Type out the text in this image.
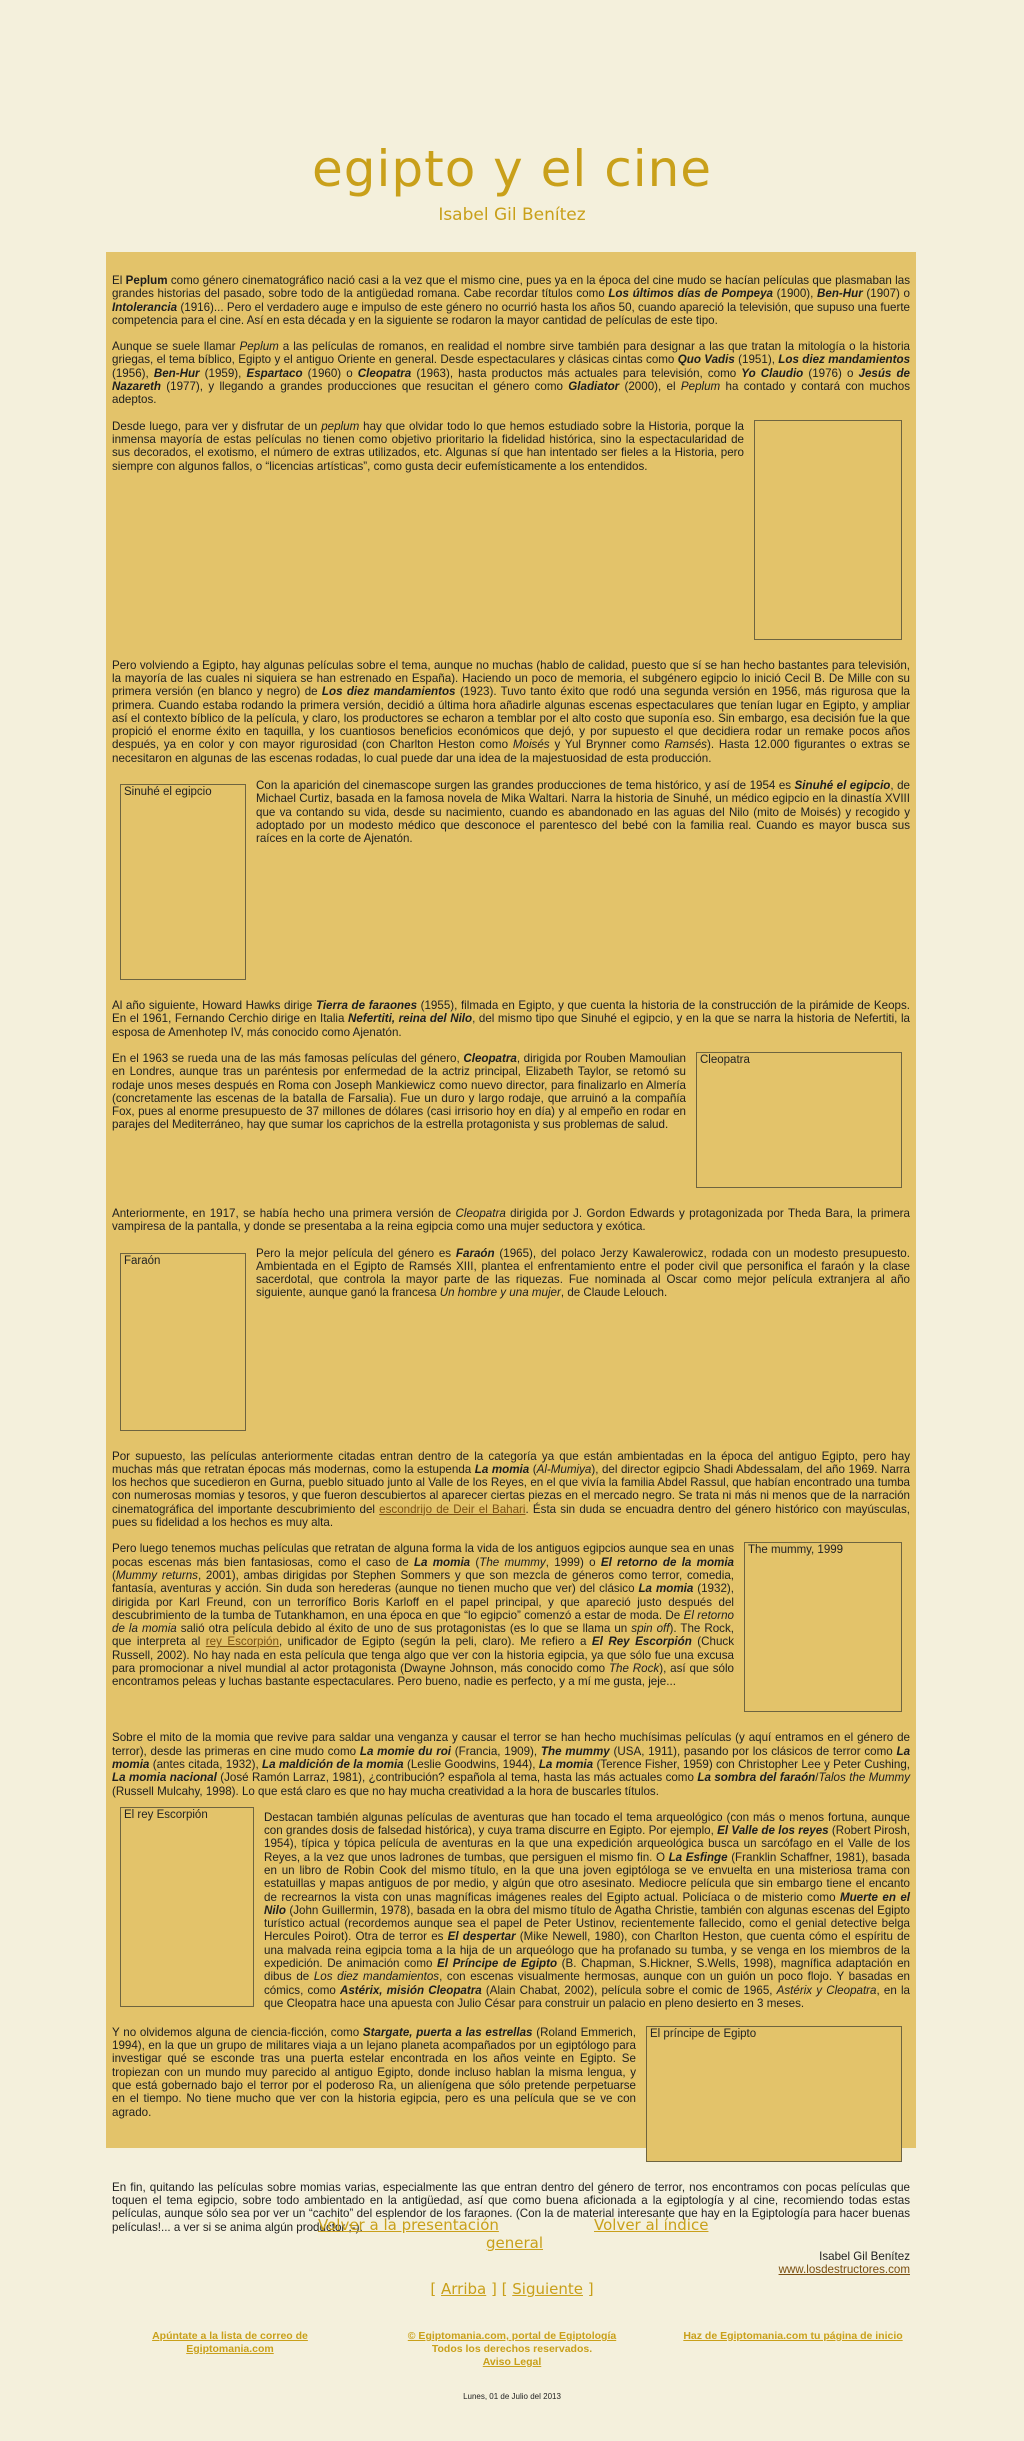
egipto y el cine
Isabel Gil Benítez

El Peplum como género cinematográfico nació casi a la vez que el mismo cine, pues ya en la época del cine mudo se hacían películas que plasmaban las grandes historias del pasado, sobre todo de la antigüedad romana. Cabe recordar títulos como Los últimos días de Pompeya (1900), Ben-Hur (1907) o Intolerancia (1916)... Pero el verdadero auge e impulso de este género no ocurrió hasta los años 50, cuando apareció la televisión, que supuso una fuerte competencia para el cine. Así en esta década y en la siguiente se rodaron la mayor cantidad de películas de este tipo.

Aunque se suele llamar Peplum a las películas de romanos, en realidad el nombre sirve también para designar a las que tratan la mitología o la historia griegas, el tema bíblico, Egipto y el antiguo Oriente en general. Desde espectaculares y clásicas cintas como Quo Vadis (1951), Los diez mandamientos (1956), Ben-Hur (1959), Espartaco (1960) o Cleopatra (1963), hasta productos más actuales para televisión, como Yo Claudio (1976) o Jesús de Nazareth (1977), y llegando a grandes producciones que resucitan el género como Gladiator (2000), el Peplum ha contado y contará con muchos adeptos.

Desde luego, para ver y disfrutar de un peplum hay que olvidar todo lo que hemos estudiado sobre la Historia, porque la inmensa mayoría de estas películas no tienen como objetivo prioritario la fidelidad histórica, sino la espectacularidad de sus decorados, el exotismo, el número de extras utilizados, etc. Algunas sí que han intentado ser fieles a la Historia, pero siempre con algunos fallos, o “licencias artísticas”, como gusta decir eufemísticamente a los entendidos.

Pero volviendo a Egipto, hay algunas películas sobre el tema, aunque no muchas (hablo de calidad, puesto que sí se han hecho bastantes para televisión, la mayoría de las cuales ni siquiera se han estrenado en España). Haciendo un poco de memoria, el subgénero egipcio lo inició Cecil B. De Mille con su primera versión (en blanco y negro) de Los diez mandamientos (1923). Tuvo tanto éxito que rodó una segunda versión en 1956, más rigurosa que la primera. Cuando estaba rodando la primera versión, decidió a última hora añadirle algunas escenas espectaculares que tenían lugar en Egipto, y ampliar así el contexto bíblico de la película, y claro, los productores se echaron a temblar por el alto costo que suponía eso. Sin embargo, esa decisión fue la que propició el enorme éxito en taquilla, y los cuantiosos beneficios económicos que dejó, y por supuesto el que decidiera rodar un remake pocos años después, ya en color y con mayor rigurosidad (con Charlton Heston como Moisés y Yul Brynner como Ramsés). Hasta 12.000 figurantes o extras se necesitaron en algunas de las escenas rodadas, lo cual puede dar una idea de la majestuosidad de esta producción.

Sinuhé el egipcio	Con la aparición del cinemascope surgen las grandes producciones de tema histórico, y así de 1954 es Sinuhé el egipcio, de Michael Curtiz, basada en la famosa novela de Mika Waltari. Narra la historia de Sinuhé, un médico egipcio en la dinastía XVIII que va contando su vida, desde su nacimiento, cuando es abandonado en las aguas del Nilo (mito de Moisés) y recogido y adoptado por un modesto médico que desconoce el parentesco del bebé con la familia real. Cuando es mayor busca sus raíces en la corte de Ajenatón.

Al año siguiente, Howard Hawks dirige Tierra de faraones (1955), filmada en Egipto, y que cuenta la historia de la construcción de la pirámide de Keops. En el 1961, Fernando Cerchio dirige en Italia Nefertiti, reina del Nilo, del mismo tipo que Sinuhé el egipcio, y en la que se narra la historia de Nefertiti, la esposa de Amenhotep IV, más conocido como Ajenatón.

Cleopatra

En el 1963 se rueda una de las más famosas películas del género, Cleopatra, dirigida por Rouben Mamoulian en Londres, aunque tras un paréntesis por enfermedad de la actriz principal, Elizabeth Taylor, se retomó su rodaje unos meses después en Roma con Joseph Mankiewicz como nuevo director, para finalizarlo en Almería (concretamente las escenas de la batalla de Farsalia). Fue un duro y largo rodaje, que arruinó a la compañía Fox, pues al enorme presupuesto de 37 millones de dólares (casi irrisorio hoy en día) y al empeño en rodar en parajes del Mediterráneo, hay que sumar los caprichos de la estrella protagonista y sus problemas de salud.

Anteriormente, en 1917, se había hecho una primera versión de Cleopatra dirigida por J. Gordon Edwards y protagonizada por Theda Bara, la primera vampiresa de la pantalla, y donde se presentaba a la reina egipcia como una mujer seductora y exótica.

Faraón

Pero la mejor película del género es Faraón (1965), del polaco Jerzy Kawalerowicz, rodada con un modesto presupuesto. Ambientada en el Egipto de Ramsés XIII, plantea el enfrentamiento entre el poder civil que personifica el faraón y la clase sacerdotal, que controla la mayor parte de las riquezas. Fue nominada al Oscar como mejor película extranjera al año siguiente, aunque ganó la francesa Un hombre y una mujer, de Claude Lelouch.

Por supuesto, las películas anteriormente citadas entran dentro de la categoría ya que están ambientadas en la época del antiguo Egipto, pero hay muchas más que retratan épocas más modernas, como la estupenda La momia (Al-Mumiya), del director egipcio Shadi Abdessalam, del año 1969. Narra los hechos que sucedieron en Gurna, pueblo situado junto al Valle de los Reyes, en el que vivía la familia Abdel Rassul, que habían encontrado una tumba con numerosas momias y tesoros, y que fueron descubiertos al aparecer ciertas piezas en el mercado negro. Se trata ni más ni menos que de la narración cinematográfica del importante descubrimiento del escondrijo de Deir el Bahari. Ésta sin duda se encuadra dentro del género histórico con mayúsculas, pues su fidelidad a los hechos es muy alta.

The mummy, 1999

Pero luego tenemos muchas películas que retratan de alguna forma la vida de los antiguos egipcios aunque sea en unas pocas escenas más bien fantasiosas, como el caso de La momia (The mummy, 1999) o El retorno de la momia (Mummy returns, 2001), ambas dirigidas por Stephen Sommers y que son mezcla de géneros como terror, comedia, fantasía, aventuras y acción. Sin duda son herederas (aunque no tienen mucho que ver) del clásico La momia (1932), dirigida por Karl Freund, con un terrorífico Boris Karloff en el papel principal, y que apareció justo después del descubrimiento de la tumba de Tutankhamon, en una época en que “lo egipcio” comenzó a estar de moda. De El retorno de la momia salió otra película debido al éxito de uno de sus protagonistas (es lo que se llama un spin off). The Rock, que interpreta al rey Escorpión, unificador de Egipto (según la peli, claro). Me refiero a El Rey Escorpión (Chuck Russell, 2002). No hay nada en esta película que tenga algo que ver con la historia egipcia, ya que sólo fue una excusa para promocionar a nivel mundial al actor protagonista (Dwayne Johnson, más conocido como The Rock), así que sólo encontramos peleas y luchas bastante espectaculares. Pero bueno, nadie es perfecto, y a mí me gusta, jeje...

Sobre el mito de la momia que revive para saldar una venganza y causar el terror se han hecho muchísimas películas (y aquí entramos en el género de terror), desde las primeras en cine mudo como La momie du roi (Francia, 1909), The mummy (USA, 1911), pasando por los clásicos de terror como La momia (antes citada, 1932), La maldición de la momia (Leslie Goodwins, 1944), La momia (Terence Fisher, 1959) con Christopher Lee y Peter Cushing, La momia nacional (José Ramón Larraz, 1981), ¿contribución? española al tema, hasta las más actuales como La sombra del faraón/Talos the Mummy (Russell Mulcahy, 1998). Lo que está claro es que no hay mucha creatividad a la hora de buscarles títulos.

El rey Escorpión	Destacan también algunas películas de aventuras que han tocado el tema arqueológico (con más o menos fortuna, aunque con grandes dosis de falsedad histórica), y cuya trama discurre en Egipto. Por ejemplo, El Valle de los reyes (Robert Pirosh, 1954), típica y tópica película de aventuras en la que una expedición arqueológica busca un sarcófago en el Valle de los Reyes, a la vez que unos ladrones de tumbas, que persiguen el mismo fin. O La Esfinge (Franklin Schaffner, 1981), basada en un libro de Robin Cook del mismo título, en la que una joven egiptóloga se ve envuelta en una misteriosa trama con estatuillas y mapas antiguos de por medio, y algún que otro asesinato. Mediocre película que sin embargo tiene el encanto de recrearnos la vista con unas magníficas imágenes reales del Egipto actual. Policíaca o de misterio como Muerte en el Nilo (John Guillermin, 1978), basada en la obra del mismo título de Agatha Christie, también con algunas escenas del Egipto turístico actual (recordemos aunque sea el papel de Peter Ustinov, recientemente fallecido, como el genial detective belga Hercules Poirot). Otra de terror es El despertar (Mike Newell, 1980), con Charlton Heston, que cuenta cómo el espíritu de una malvada reina egipcia toma a la hija de un arqueólogo que ha profanado su tumba, y se venga en los miembros de la expedición. De animación como El Príncipe de Egipto (B. Chapman, S.Hickner, S.Wells, 1998), magnífica adaptación en dibus de Los diez mandamientos, con escenas visualmente hermosas, aunque con un guión un poco flojo. Y basadas en cómics, como Astérix, misión Cleopatra (Alain Chabat, 2002), película sobre el comic de 1965, Astérix y Cleopatra, en la que Cleopatra hace una apuesta con Julio César para construir un palacio en pleno desierto en 3 meses.

El príncipe de Egipto

Y no olvidemos alguna de ciencia-ficción, como Stargate, puerta a las estrellas (Roland Emmerich, 1994), en la que un grupo de militares viaja a un lejano planeta acompañados por un egiptólogo para investigar qué se esconde tras una puerta estelar encontrada en los años veinte en Egipto. Se tropiezan con un mundo muy parecido al antiguo Egipto, donde incluso hablan la misma lengua, y que está gobernado bajo el terror por el poderoso Ra, un alienígena que sólo pretende perpetuarse en el tiempo. No tiene mucho que ver con la historia egipcia, pero es una película que se ve con agrado.

En fin, quitando las películas sobre momias varias, especialmente las que entran dentro del género de terror, nos encontramos con pocas películas que toquen el tema egipcio, sobre todo ambientado en la antigüedad, así que como buena aficionada a la egiptología y al cine, recomiendo todas estas películas, aunque sólo sea por ver un “cachito” del esplendor de los faraones. (Con la de material interesante que hay en la Egiptología para hacer buenas películas!... a ver si se anima algún productor ;-).

Isabel Gil Benítez
www.losdestructores.com
Volver a la presentación	Volver al índice
general
[ Arriba ] [ Siguiente ]
Apúntate a la lista de correo de
Egiptomania.com
© Egiptomania.com, portal de Egiptología
Todos los derechos reservados.
Aviso Legal
Haz de Egiptomania.com tu página de inicio
Lunes, 01 de Julio del 2013
